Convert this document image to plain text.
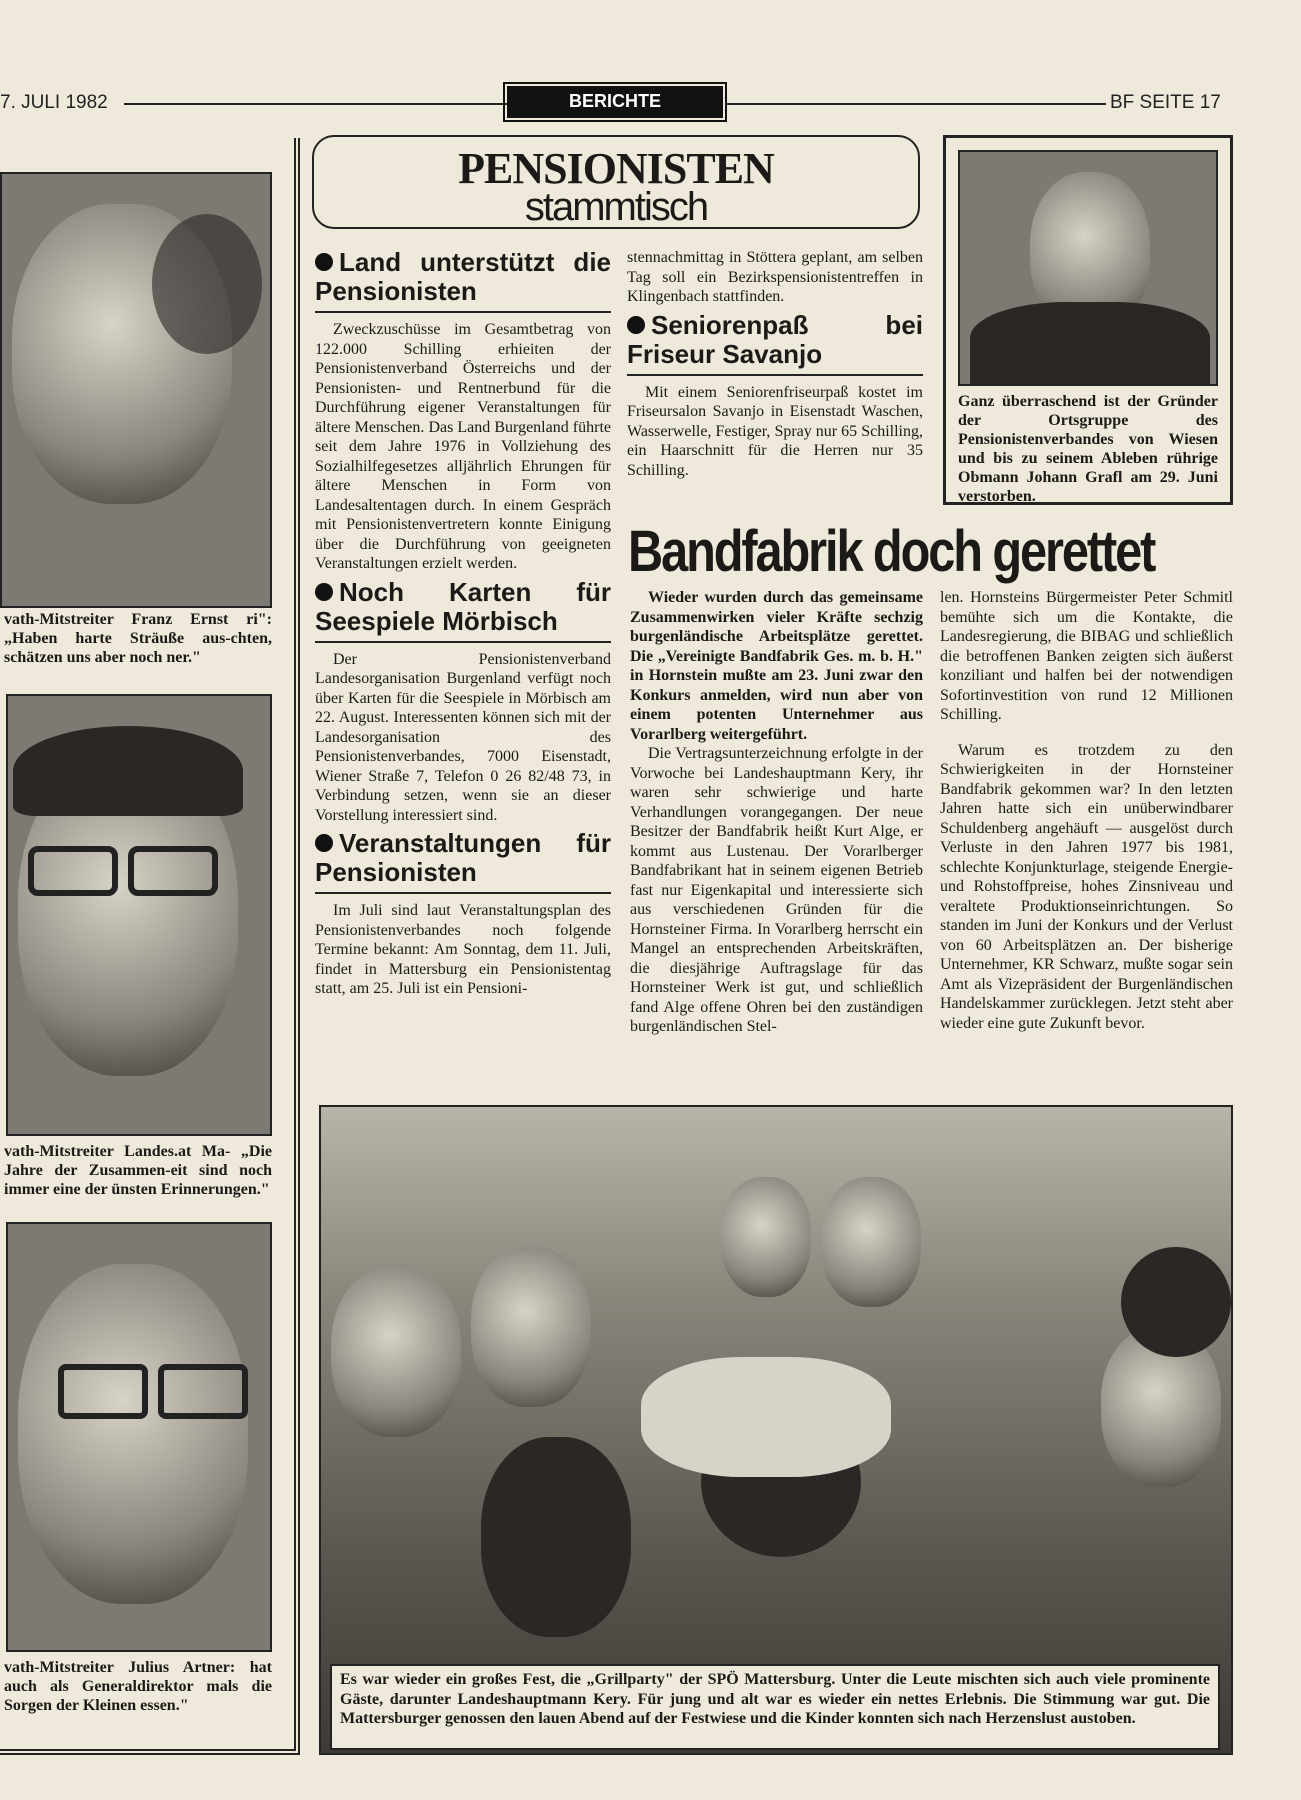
7. JULI 1982	BERICHTE	BF SEITE 17
vath-Mitstreiter Franz Ernst ri": „Haben harte Sträuße aus-chten, schätzen uns aber noch ner."
vath-Mitstreiter Landes.at Ma- „Die Jahre der Zusammen-eit sind noch immer eine der ünsten Erinnerungen."
vath-Mitstreiter Julius Artner: hat auch als Generaldirektor mals die Sorgen der Kleinen essen."
PENSIONISTEN
stammtisch
Land unterstützt die Pensionisten

Zweckzuschüsse im Gesamtbetrag von 122.000 Schilling erhieiten der Pensionistenverband Österreichs und der Pensionisten- und Rentnerbund für die Durchführung eigener Veranstaltungen für ältere Menschen. Das Land Burgenland führte seit dem Jahre 1976 in Vollziehung des Sozialhilfegesetzes alljährlich Ehrungen für ältere Menschen in Form von Landesaltentagen durch. In einem Gespräch mit Pensionistenvertretern konnte Einigung über die Durchführung von geeigneten Veranstaltungen erzielt werden.

Noch Karten für Seespiele Mörbisch

Der Pensionistenverband Landesorganisation Burgenland verfügt noch über Karten für die Seespiele in Mörbisch am 22. August. Interessenten können sich mit der Landesorganisation des Pensionistenverbandes, 7000 Eisenstadt, Wiener Straße 7, Telefon 0 26 82/48 73, in Verbindung setzen, wenn sie an dieser Vorstellung interessiert sind.

Veranstaltungen für Pensionisten

Im Juli sind laut Veranstaltungsplan des Pensionistenverbandes noch folgende Termine bekannt: Am Sonntag, dem 11. Juli, findet in Mattersburg ein Pensionistentag statt, am 25. Juli ist ein Pensioni-

stennachmittag in Stöttera geplant, am selben Tag soll ein Bezirkspensionistentreffen in Klingenbach stattfinden.

Seniorenpaß bei Friseur Savanjo

Mit einem Seniorenfriseurpaß kostet im Friseursalon Savanjo in Eisenstadt Waschen, Wasserwelle, Festiger, Spray nur 65 Schilling, ein Haarschnitt für die Herren nur 35 Schilling.

Ganz überraschend ist der Gründer der Ortsgruppe des Pensionistenverbandes von Wiesen und bis zu seinem Ableben rührige Obmann Johann Grafl am 29. Juni verstorben.
Bandfabrik doch gerettet

Wieder wurden durch das gemeinsame Zusammenwirken vieler Kräfte sechzig burgenländische Arbeitsplätze gerettet. Die „Vereinigte Bandfabrik Ges. m. b. H." in Hornstein mußte am 23. Juni zwar den Konkurs anmelden, wird nun aber von einem potenten Unternehmer aus Vorarlberg weitergeführt.

Die Vertragsunterzeichnung erfolgte in der Vorwoche bei Landeshauptmann Kery, ihr waren sehr schwierige und harte Verhandlungen vorangegangen. Der neue Besitzer der Bandfabrik heißt Kurt Alge, er kommt aus Lustenau. Der Vorarlberger Bandfabrikant hat in seinem eigenen Betrieb fast nur Eigenkapital und interessierte sich aus verschiedenen Gründen für die Hornsteiner Firma. In Vorarlberg herrscht ein Mangel an entsprechenden Arbeitskräften, die diesjährige Auftragslage für das Hornsteiner Werk ist gut, und schließlich fand Alge offene Ohren bei den zuständigen burgenländischen Stel-

len. Hornsteins Bürgermeister Peter Schmitl bemühte sich um die Kontakte, die Landesregierung, die BIBAG und schließlich die betroffenen Banken zeigten sich äußerst konziliant und halfen bei der notwendigen Sofortinvestition von rund 12 Millionen Schilling.

Warum es trotzdem zu den Schwierigkeiten in der Hornsteiner Bandfabrik gekommen war? In den letzten Jahren hatte sich ein unüberwindbarer Schuldenberg angehäuft — ausgelöst durch Verluste in den Jahren 1977 bis 1981, schlechte Konjunkturlage, steigende Energie- und Rohstoffpreise, hohes Zinsniveau und veraltete Produktionseinrichtungen. So standen im Juni der Konkurs und der Verlust von 60 Arbeitsplätzen an. Der bisherige Unternehmer, KR Schwarz, mußte sogar sein Amt als Vizepräsident der Burgenländischen Handelskammer zurücklegen. Jetzt steht aber wieder eine gute Zukunft bevor.

Es war wieder ein großes Fest, die „Grillparty" der SPÖ Mattersburg. Unter die Leute mischten sich auch viele prominente Gäste, darunter Landeshauptmann Kery. Für jung und alt war es wieder ein nettes Erlebnis. Die Stimmung war gut. Die Mattersburger genossen den lauen Abend auf der Festwiese und die Kinder konnten sich nach Herzenslust austoben.
